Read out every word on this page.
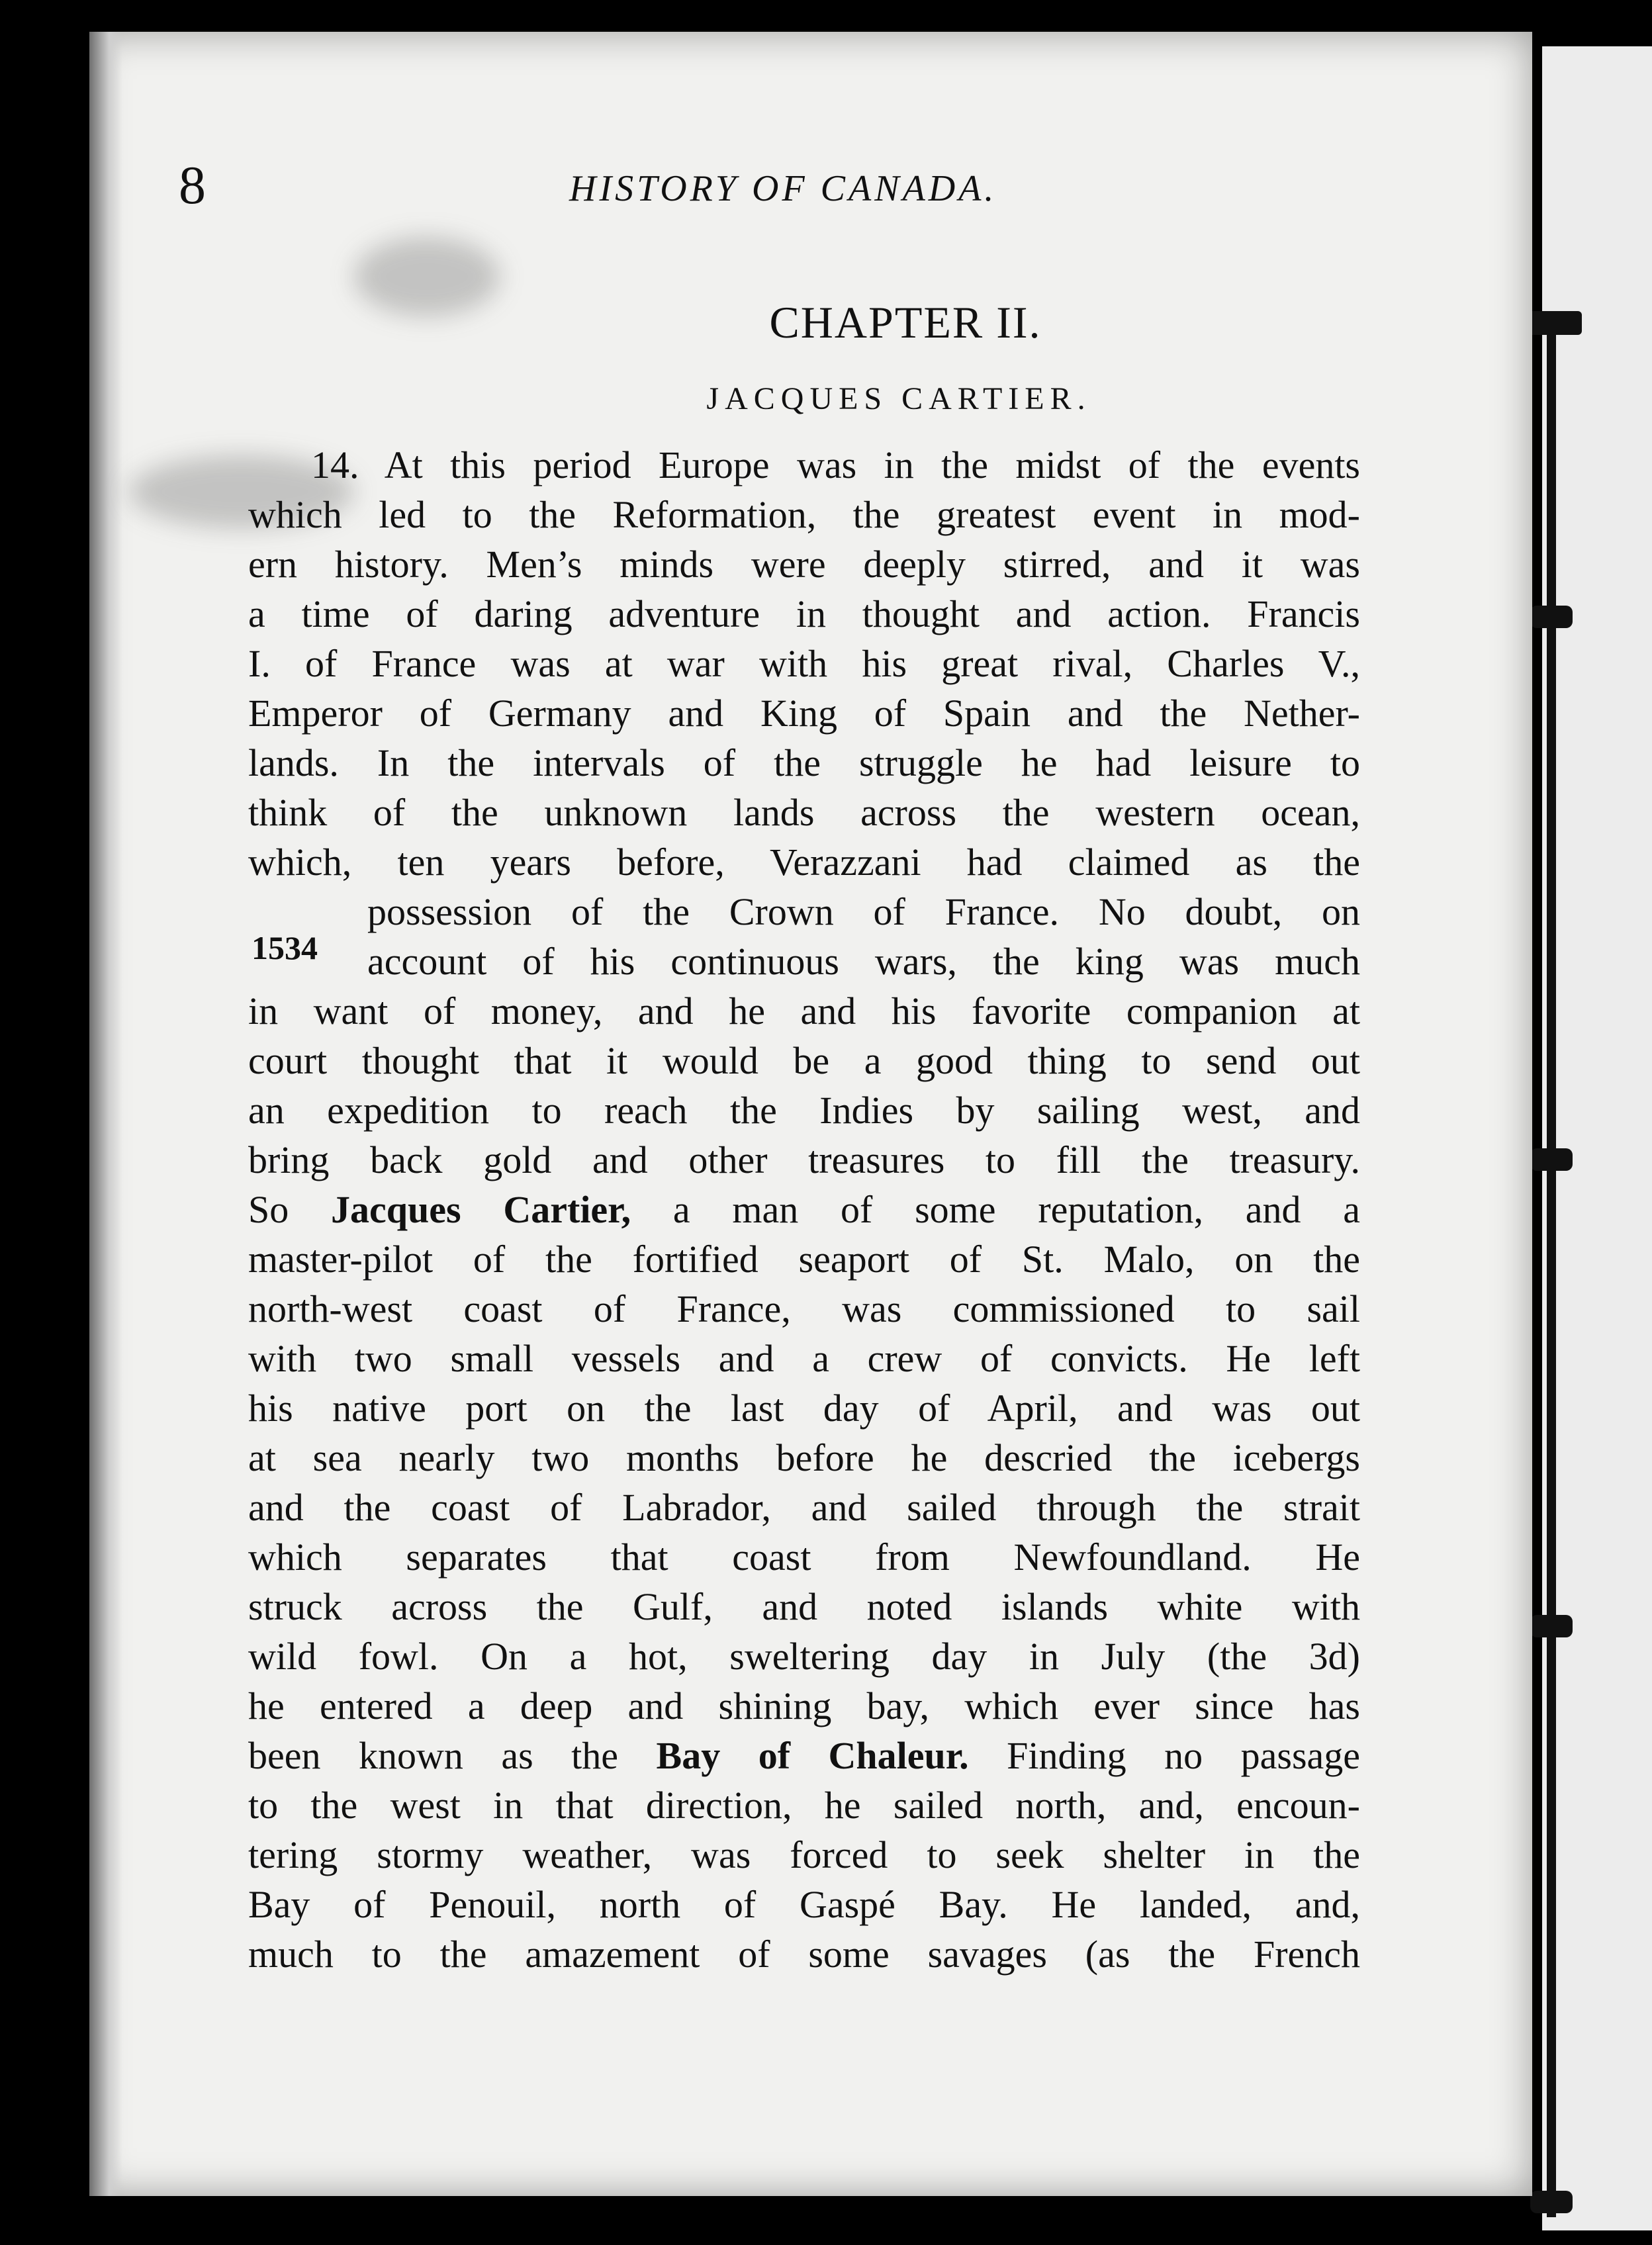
8	HISTORY OF CANADA.
CHAPTER II.
JACQUES CARTIER.
1534
14. At this period Europe was in the midst of the events
which led to the Reformation, the greatest event in mod-
ern history. Men’s minds were deeply stirred, and it was
a time of daring adventure in thought and action. Francis
I. of France was at war with his great rival, Charles V.,
Emperor of Germany and King of Spain and the Nether-
lands. In the intervals of the struggle he had leisure to
think of the unknown lands across the western ocean,
which, ten years before, Verazzani had claimed as the
possession of the Crown of France. No doubt, on
account of his continuous wars, the king was much
in want of money, and he and his favorite companion at
court thought that it would be a good thing to send out
an expedition to reach the Indies by sailing west, and
bring back gold and other treasures to fill the treasury.
So Jacques Cartier, a man of some reputation, and a
master-pilot of the fortified seaport of St. Malo, on the
north-west coast of France, was commissioned to sail
with two small vessels and a crew of convicts. He left
his native port on the last day of April, and was out
at sea nearly two months before he descried the icebergs
and the coast of Labrador, and sailed through the strait
which separates that coast from Newfoundland. He
struck across the Gulf, and noted islands white with
wild fowl. On a hot, sweltering day in July (the 3d)
he entered a deep and shining bay, which ever since has
been known as the Bay of Chaleur. Finding no passage
to the west in that direction, he sailed north, and, encoun-
tering stormy weather, was forced to seek shelter in the
Bay of Penouil, north of Gaspé Bay. He landed, and,
much to the amazement of some savages (as the French
